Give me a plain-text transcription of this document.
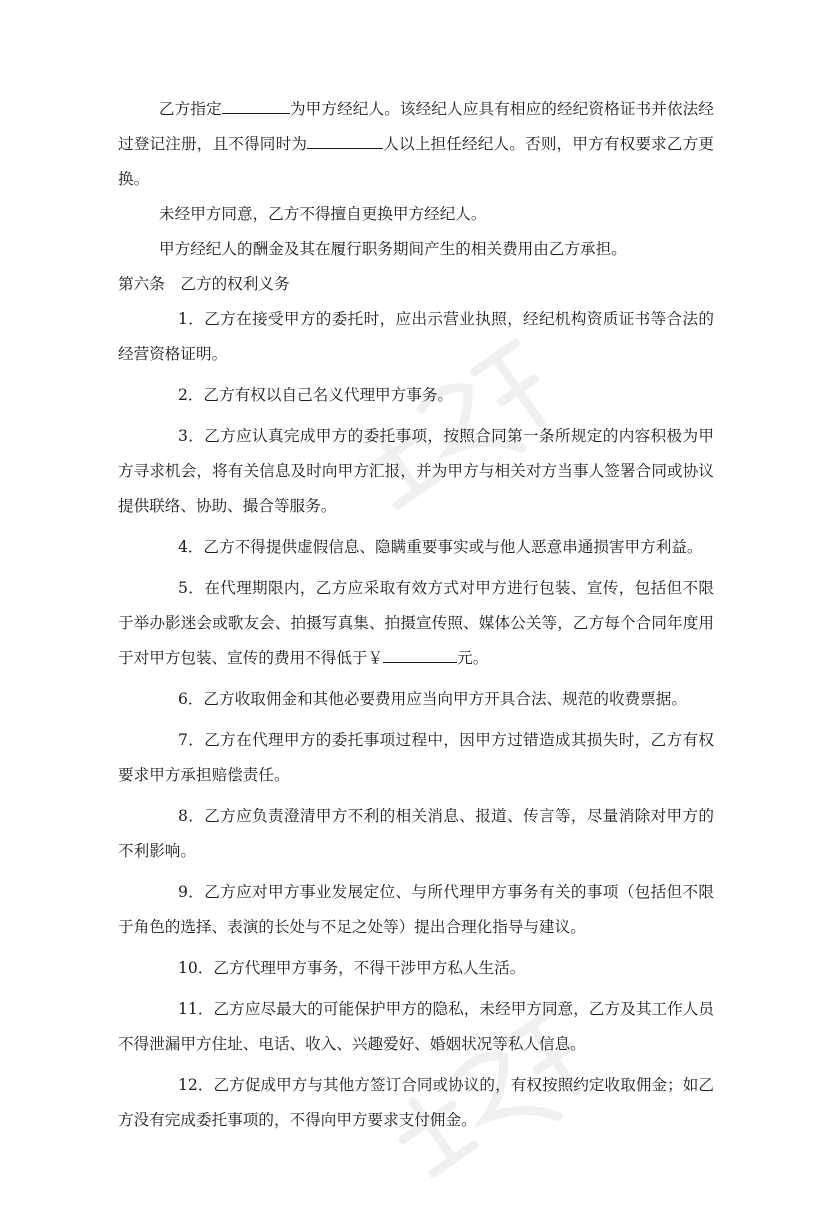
乙方指定	为甲方经纪人。该经纪人应具有相应的经纪资格证书并依法经过登记注册，且不得同时为	人以上担任经纪人。否则，甲方有权要求乙方更换。

未经甲方同意，乙方不得擅自更换甲方经纪人。

甲方经纪人的酬金及其在履行职务期间产生的相关费用由乙方承担。

第六条　乙方的权利义务

1．乙方在接受甲方的委托时，应出示营业执照，经纪机构资质证书等合法的经营资格证明。

2．乙方有权以自己名义代理甲方事务。

3．乙方应认真完成甲方的委托事项，按照合同第一条所规定的内容积极为甲方寻求机会，将有关信息及时向甲方汇报，并为甲方与相关对方当事人签署合同或协议提供联络、协助、撮合等服务。

4．乙方不得提供虚假信息、隐瞒重要事实或与他人恶意串通损害甲方利益。

5．在代理期限内，乙方应采取有效方式对甲方进行包装、宣传，包括但不限于举办影迷会或歌友会、拍摄写真集、拍摄宣传照、媒体公关等，乙方每个合同年度用于对甲方包装、宣传的费用不得低于￥	元。

6．乙方收取佣金和其他必要费用应当向甲方开具合法、规范的收费票据。

7．乙方在代理甲方的委托事项过程中，因甲方过错造成其损失时，乙方有权要求甲方承担赔偿责任。

8．乙方应负责澄清甲方不利的相关消息、报道、传言等，尽量消除对甲方的不利影响。

9．乙方应对甲方事业发展定位、与所代理甲方事务有关的事项（包括但不限于角色的选择、表演的长处与不足之处等）提出合理化指导与建议。

10．乙方代理甲方事务，不得干涉甲方私人生活。

11．乙方应尽最大的可能保护甲方的隐私，未经甲方同意，乙方及其工作人员不得泄漏甲方住址、电话、收入、兴趣爱好、婚姻状况等私人信息。

12．乙方促成甲方与其他方签订合同或协议的，有权按照约定收取佣金；如乙方没有完成委托事项的，不得向甲方要求支付佣金。
